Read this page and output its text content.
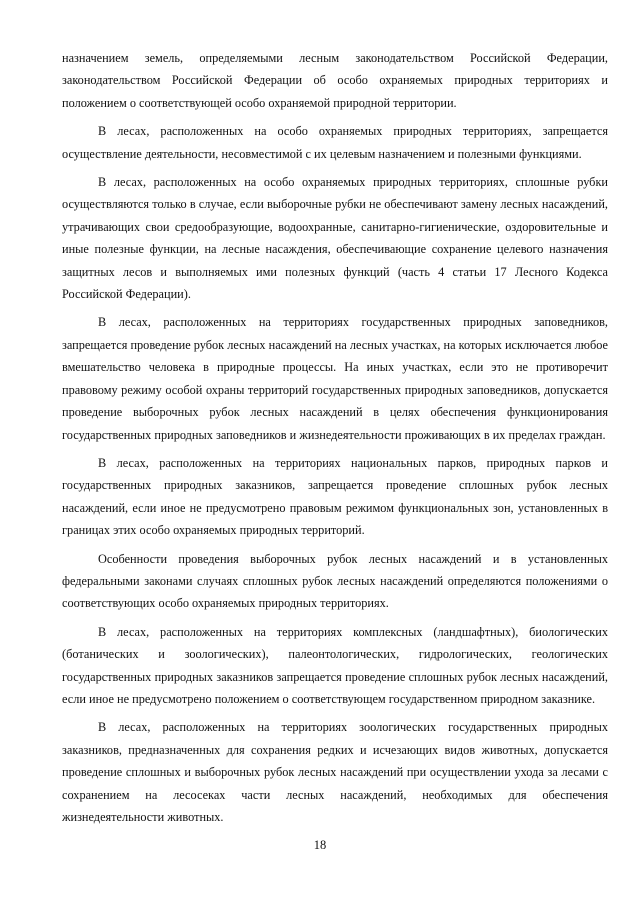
назначением земель, определяемыми лесным законодательством Российской Федерации, законодательством Российской Федерации об особо охраняемых природных территориях и положением о соответствующей особо охраняемой природной территории.

В лесах, расположенных на особо охраняемых природных территориях, запрещается осуществление деятельности, несовместимой с их целевым назначением и полезными функциями.

В лесах, расположенных на особо охраняемых природных территориях, сплошные рубки осуществляются только в случае, если выборочные рубки не обеспечивают замену лесных насаждений, утрачивающих свои средообразующие, водоохранные, санитарно-гигиенические, оздоровительные и иные полезные функции, на лесные насаждения, обеспечивающие сохранение целевого назначения защитных лесов и выполняемых ими полезных функций (часть 4 статьи 17 Лесного Кодекса Российской Федерации).

В лесах, расположенных на территориях государственных природных заповедников, запрещается проведение рубок лесных насаждений на лесных участках, на которых исключается любое вмешательство человека в природные процессы. На иных участках, если это не противоречит правовому режиму особой охраны территорий государственных природных заповедников, допускается проведение выборочных рубок лесных насаждений в целях обеспечения функционирования государственных природных заповедников и жизнедеятельности проживающих в их пределах граждан.

В лесах, расположенных на территориях национальных парков, природных парков и государственных природных заказников, запрещается проведение сплошных рубок лесных насаждений, если иное не предусмотрено правовым режимом функциональных зон, установленных в границах этих особо охраняемых природных территорий.

Особенности проведения выборочных рубок лесных насаждений и в установленных федеральными законами случаях сплошных рубок лесных насаждений определяются положениями о соответствующих особо охраняемых природных территориях.

В лесах, расположенных на территориях комплексных (ландшафтных), биологических (ботанических и зоологических), палеонтологических, гидрологических, геологических государственных природных заказников запрещается проведение сплошных рубок лесных насаждений, если иное не предусмотрено положением о соответствующем государственном природном заказнике.

В лесах, расположенных на территориях зоологических государственных природных заказников, предназначенных для сохранения редких и исчезающих видов животных, допускается проведение сплошных и выборочных рубок лесных насаждений при осуществлении ухода за лесами с сохранением на лесосеках части лесных насаждений, необходимых для обеспечения жизнедеятельности животных.

18
